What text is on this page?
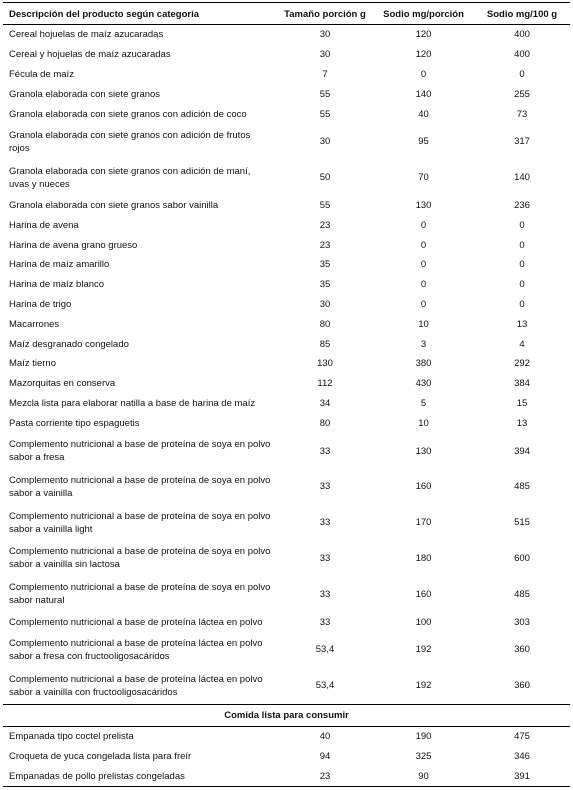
Descripción del producto según categoría	Tamaño porción g	Sodio mg/porción	Sodio mg/100 g
Cereal hojuelas de maíz azucaradas	30	120	400
Cereal y hojuelas de maíz azucaradas	30	120	400
Fécula de maíz	7	0	0
Granola elaborada con siete granos	55	140	255
Granola elaborada con siete granos con adición de coco	55	40	73
Granola elaborada con siete granos con adición de frutos rojos	30	95	317
Granola elaborada con siete granos con adición de maní, uvas y nueces	50	70	140
Granola elaborada con siete granos sabor vainilla	55	130	236
Harina de avena	23	0	0
Harina de avena grano grueso	23	0	0
Harina de maíz amarillo	35	0	0
Harina de maíz blanco	35	0	0
Harina de trigo	30	0	0
Macarrones	80	10	13
Maíz desgranado congelado	85	3	4
Maíz tierno	130	380	292
Mazorquitas en conserva	112	430	384
Mezcla lista para elaborar natilla a base de harina de maíz	34	5	15
Pasta corriente tipo espaguetis	80	10	13
Complemento nutricional a base de proteína de soya en polvo sabor a fresa	33	130	394
Complemento nutricional a base de proteína de soya en polvo sabor a vainilla	33	160	485
Complemento nutricional a base de proteína de soya en polvo sabor a vainilla light	33	170	515
Complemento nutricional a base de proteína de soya en polvo sabor a vainilla sin lactosa	33	180	600
Complemento nutricional a base de proteína de soya en polvo sabor natural	33	160	485
Complemento nutricional a base de proteína láctea en polvo	33	100	303
Complemento nutricional a base de proteína láctea en polvo sabor a fresa con fructooligosacáridos	53,4	192	360
Complemento nutricional a base de proteína láctea en polvo sabor a vainilla con fructooligosacáridos	53,4	192	360
Comida lista para consumir			
Empanada tipo coctel prelista	40	190	475
Croqueta de yuca congelada lista para freír	94	325	346
Empanadas de pollo prelistas congeladas	23	90	391
